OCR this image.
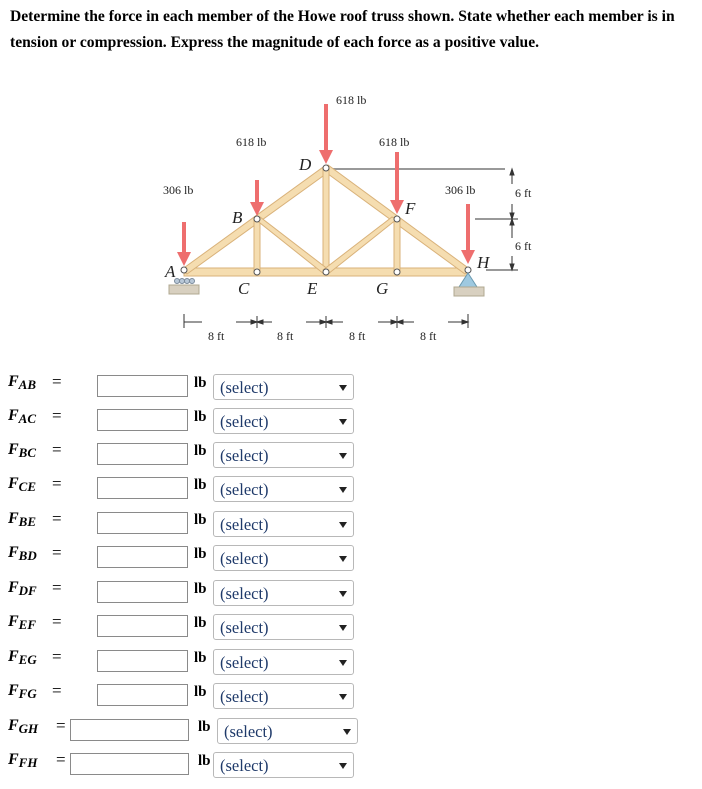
Determine the force in each member of the Howe roof truss shown. State whether each member is in tension or compression. Express the magnitude of each force as a positive value.

306 lb
618 lb
618 lb
618 lb
306 lb
A
B
C
D
E
F
G
H
8 ft	8 ft	8 ft	8 ft
6 ft
6 ft
$F_{AB}$ =	lb (select)
$F_{AC}$ =	lb (select)
$F_{BC}$ =	lb (select)
$F_{CE}$ =	lb (select)
$F_{BE}$ =	lb (select)
$F_{BD}$ =	lb (select)
$F_{DF}$ =	lb (select)
$F_{EF}$ =	lb (select)
$F_{EG}$ =	lb (select)
$F_{FG}$ =	lb (select)
$F_{GH}$ =	lb (select)
$F_{FH}$ =	lb (select)
